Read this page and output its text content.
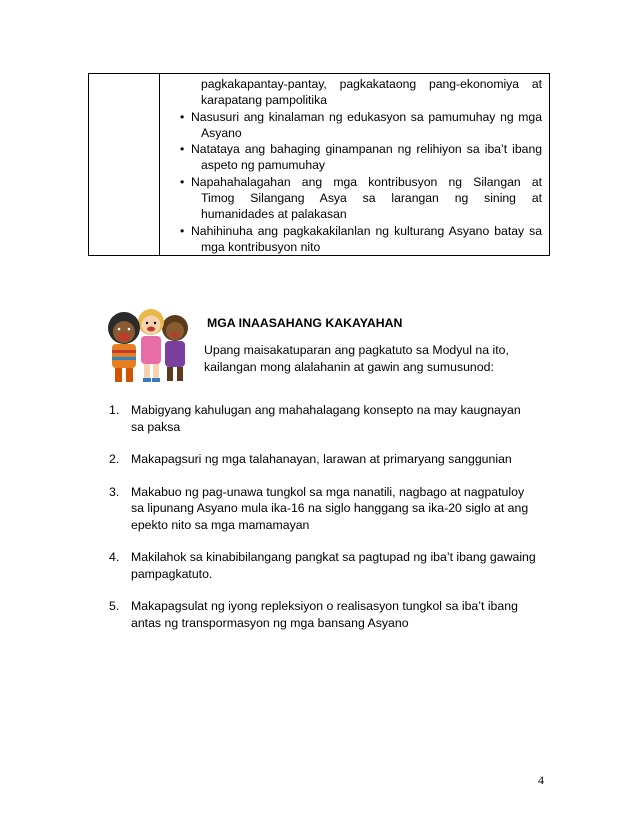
pagkakapantay-pantay, pagkakataong pang-ekonomiya at
karapatang pampolitika
• Nasusuri ang kinalaman ng edukasyon sa pamumuhay ng mga
Asyano
• Natataya ang bahaging ginampanan ng relihiyon sa iba’t ibang
aspeto ng pamumuhay
• Napahahalagahan ang mga kontribusyon ng Silangan at
Timog Silangang Asya sa larangan ng sining at
humanidades at palakasan
• Nahihinuha ang pagkakakilanlan ng kulturang Asyano batay sa
mga kontribusyon nito
MGA INAASAHANG KAKAYAHAN
Upang maisakatuparan ang pagkatuto sa Modyul na ito,
kailangan mong alalahanin at gawin ang sumusunod:
1. Mabigyang kahulugan ang mahahalagang konsepto na may kaugnayan
sa paksa
2. Makapagsuri ng mga talahanayan, larawan at primaryang sanggunian
3. Makabuo ng pag-unawa tungkol sa mga nanatili, nagbago at nagpatuloy
sa lipunang Asyano mula ika-16 na siglo hanggang sa ika-20 siglo at ang
epekto nito sa mga mamamayan
4. Makilahok sa kinabibilangang pangkat sa pagtupad ng iba’t ibang gawaing
pampagkatuto.
5. Makapagsulat ng iyong repleksiyon o realisasyon tungkol sa iba’t ibang
antas ng transpormasyon ng mga bansang Asyano
4
